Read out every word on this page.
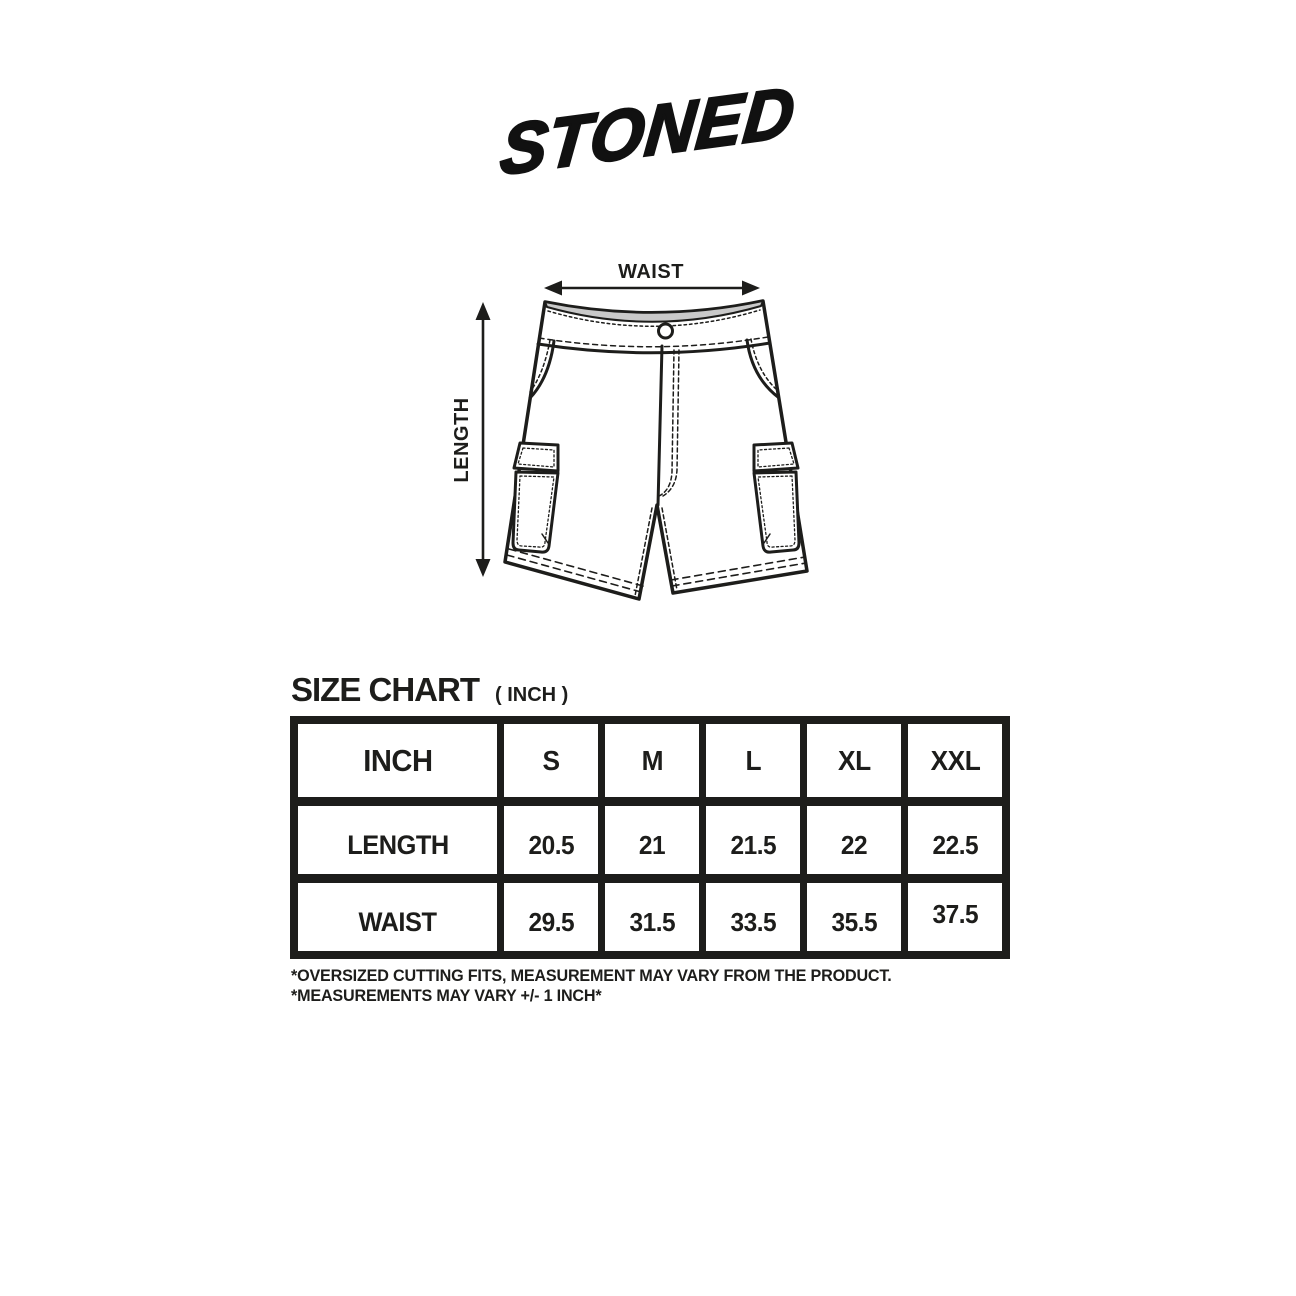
STONED
WAIST
LENGTH
SIZE CHART ( INCH )
INCH	S	M	L	XL XXL
LENGTH	20.5	21	21.5	22	22.5
WAIST	29.5 31.5 33.5 35.5 37.5
*OVERSIZED CUTTING FITS, MEASUREMENT MAY VARY FROM THE PRODUCT.
*MEASUREMENTS MAY VARY +/- 1 INCH*
